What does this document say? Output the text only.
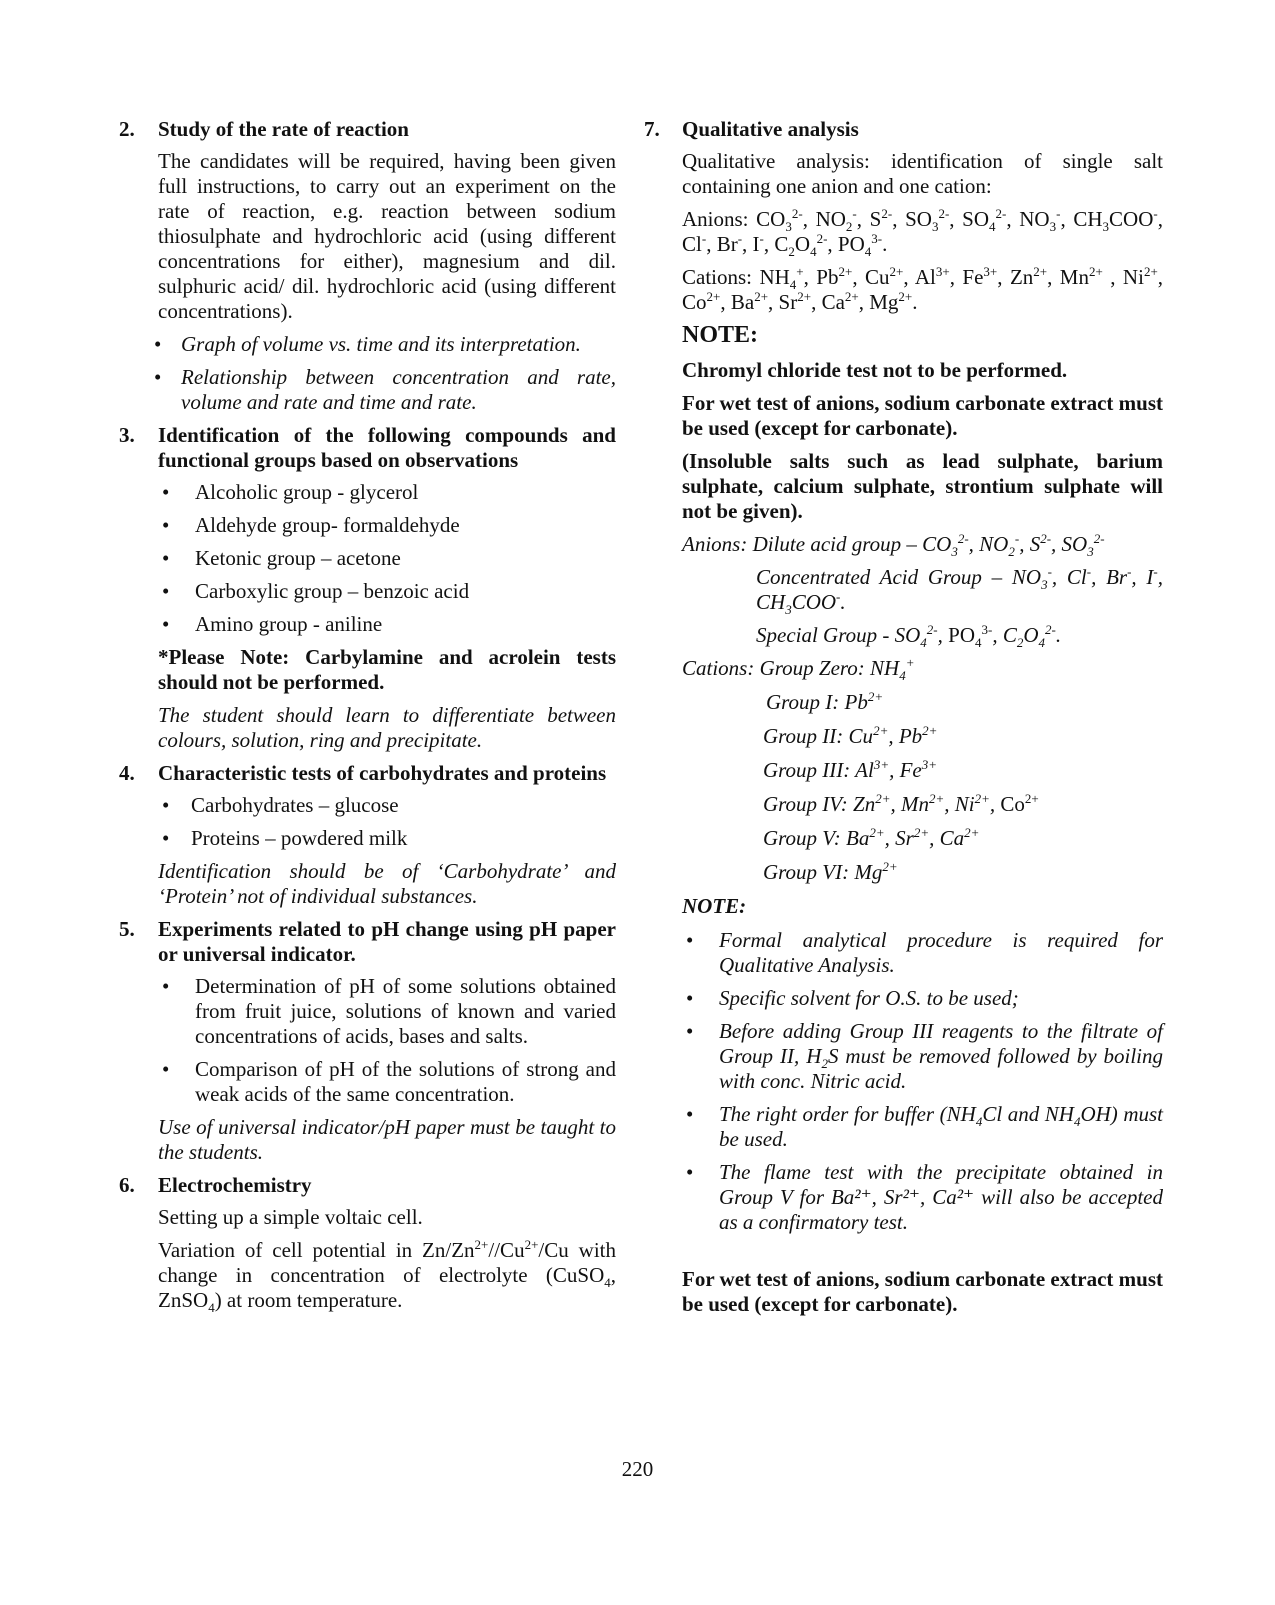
2. Study of the rate of reaction

The candidates will be required, having been given full instructions, to carry out an experiment on the rate of reaction, e.g. reaction between sodium thiosulphate and hydrochloric acid (using different concentrations for either), magnesium and dil. sulphuric acid/ dil. hydrochloric acid (using different concentrations).

• Graph of volume vs. time and its interpretation.
• Relationship between concentration and rate, volume and rate and time and rate.
3. Identification of the following compounds and functional groups based on observations
• Alcoholic group - glycerol
• Aldehyde group- formaldehyde
• Ketonic group – acetone
• Carboxylic group – benzoic acid
• Amino group - aniline

*Please Note: Carbylamine and acrolein tests should not be performed.

The student should learn to differentiate between colours, solution, ring and precipitate.

4. Characteristic tests of carbohydrates and proteins
• Carbohydrates – glucose
• Proteins – powdered milk

Identification should be of ‘Carbohydrate’ and ‘Protein’ not of individual substances.

5. Experiments related to pH change using pH paper or universal indicator.
• Determination of pH of some solutions obtained from fruit juice, solutions of known and varied concentrations of acids, bases and salts.
• Comparison of pH of the solutions of strong and weak acids of the same concentration.

Use of universal indicator/pH paper must be taught to the students.

6. Electrochemistry

Setting up a simple voltaic cell.

Variation of cell potential in $Zn/Zn^{2+}//Cu^{2+}/Cu$ with change in concentration of electrolyte (CuSO$_4$, ZnSO$_4$) at room temperature.

7. Qualitative analysis

Qualitative analysis: identification of single salt containing one anion and one cation:

Anions: $CO_3^{2-}$, $NO_2^-$, $S^{2-}$, $SO_3^{2-}$, $SO_4^{2-}$, $NO_3^-$, $CH_3COO^-$, Cl-, Br-, I-, $C_2O_4^{2-}$, $PO_4^{3-}$.

Cations: $NH_4^+$, $Pb^{2+}$, $Cu^{2+}$, $Al^{3+}$, $Fe^{3+}$, $Zn^{2+}$, $Mn^{2+}$ , $Ni^{2+}$, $Co^{2+}$, $Ba^{2+}$, $Sr^{2+}$, $Ca^{2+}$, $Mg^{2+}$.

NOTE:

Chromyl chloride test not to be performed.

For wet test of anions, sodium carbonate extract must be used (except for carbonate).

(Insoluble salts such as lead sulphate, barium sulphate, calcium sulphate, strontium sulphate will not be given).

Anions: Dilute acid group – $CO_3^{2-}$, $NO_2^-$, $S^{2-}$, $SO_3^{2-}$

Concentrated Acid Group – $NO_3^-$, Cl-, Br-, I-, $CH_3COO^-$.

Special Group - $SO_4^{2-}$, $PO_4^{3-}$, $C_2O_4^{2-}$.

Cations: Group Zero: $NH_4^+$

Group I: $Pb^{2+}$

Group II: $Cu^{2+}$, $Pb^{2+}$

Group III: $Al^{3+}$, $Fe^{3+}$

Group IV: $Zn^{2+}$, $Mn^{2+}$, $Ni^{2+}$, $Co^{2+}$

Group V: $Ba^{2+}$, $Sr^{2+}$, $Ca^{2+}$

Group VI: $Mg^{2+}$

NOTE:

• Formal analytical procedure is required for Qualitative Analysis.
• Specific solvent for O.S. to be used;
• Before adding Group III reagents to the filtrate of Group II, $H_2S$ must be removed followed by boiling with conc. Nitric acid.
• The right order for buffer ($NH_4Cl$ and $NH_4OH$) must be used.
• The flame test with the precipitate obtained in Group V for Ba²⁺, Sr²⁺, Ca²⁺ will also be accepted as a confirmatory test.

For wet test of anions, sodium carbonate extract must be used (except for carbonate).

220
